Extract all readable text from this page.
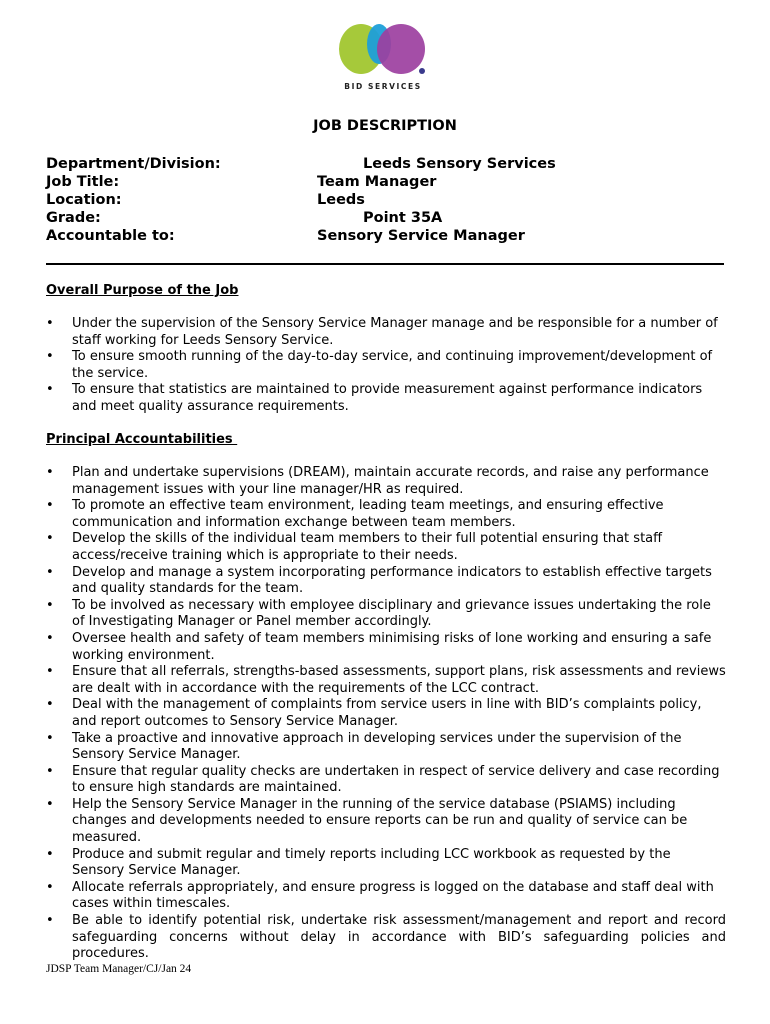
BID SERVICES
JOB DESCRIPTION
Department/Division:	Leeds Sensory Services
Job Title:	Team Manager
Location:	Leeds
Grade:	Point 35A
Accountable to:	Sensory Service Manager
Overall Purpose of the Job
• Under the supervision of the Sensory Service Manager manage and be responsible for a number of staff working for Leeds Sensory Service.
• To ensure smooth running of the day-to-day service, and continuing improvement/development of the service.
• To ensure that statistics are maintained to provide measurement against performance indicators and meet quality assurance requirements.
Principal Accountabilities
• Plan and undertake supervisions (DREAM), maintain accurate records, and raise any performance management issues with your line manager/HR as required.
• To promote an effective team environment, leading team meetings, and ensuring effective communication and information exchange between team members.
• Develop the skills of the individual team members to their full potential ensuring that staff access/receive training which is appropriate to their needs.
• Develop and manage a system incorporating performance indicators to establish effective targets and quality standards for the team.
• To be involved as necessary with employee disciplinary and grievance issues undertaking the role of Investigating Manager or Panel member accordingly.
• Oversee health and safety of team members minimising risks of lone working and ensuring a safe working environment.
• Ensure that all referrals, strengths-based assessments, support plans, risk assessments and reviews are dealt with in accordance with the requirements of the LCC contract.
• Deal with the management of complaints from service users in line with BID’s complaints policy, and report outcomes to Sensory Service Manager.
• Take a proactive and innovative approach in developing services under the supervision of the Sensory Service Manager.
• Ensure that regular quality checks are undertaken in respect of service delivery and case recording to ensure high standards are maintained.
• Help the Sensory Service Manager in the running of the service database (PSIAMS) including changes and developments needed to ensure reports can be run and quality of service can be measured.
• Produce and submit regular and timely reports including LCC workbook as requested by the Sensory Service Manager.
• Allocate referrals appropriately, and ensure progress is logged on the database and staff deal with cases within timescales.
• Be able to identify potential risk, undertake risk assessment/management and report and record safeguarding concerns without delay in accordance with BID’s safeguarding policies and procedures.
JDSP Team Manager/CJ/Jan 24
